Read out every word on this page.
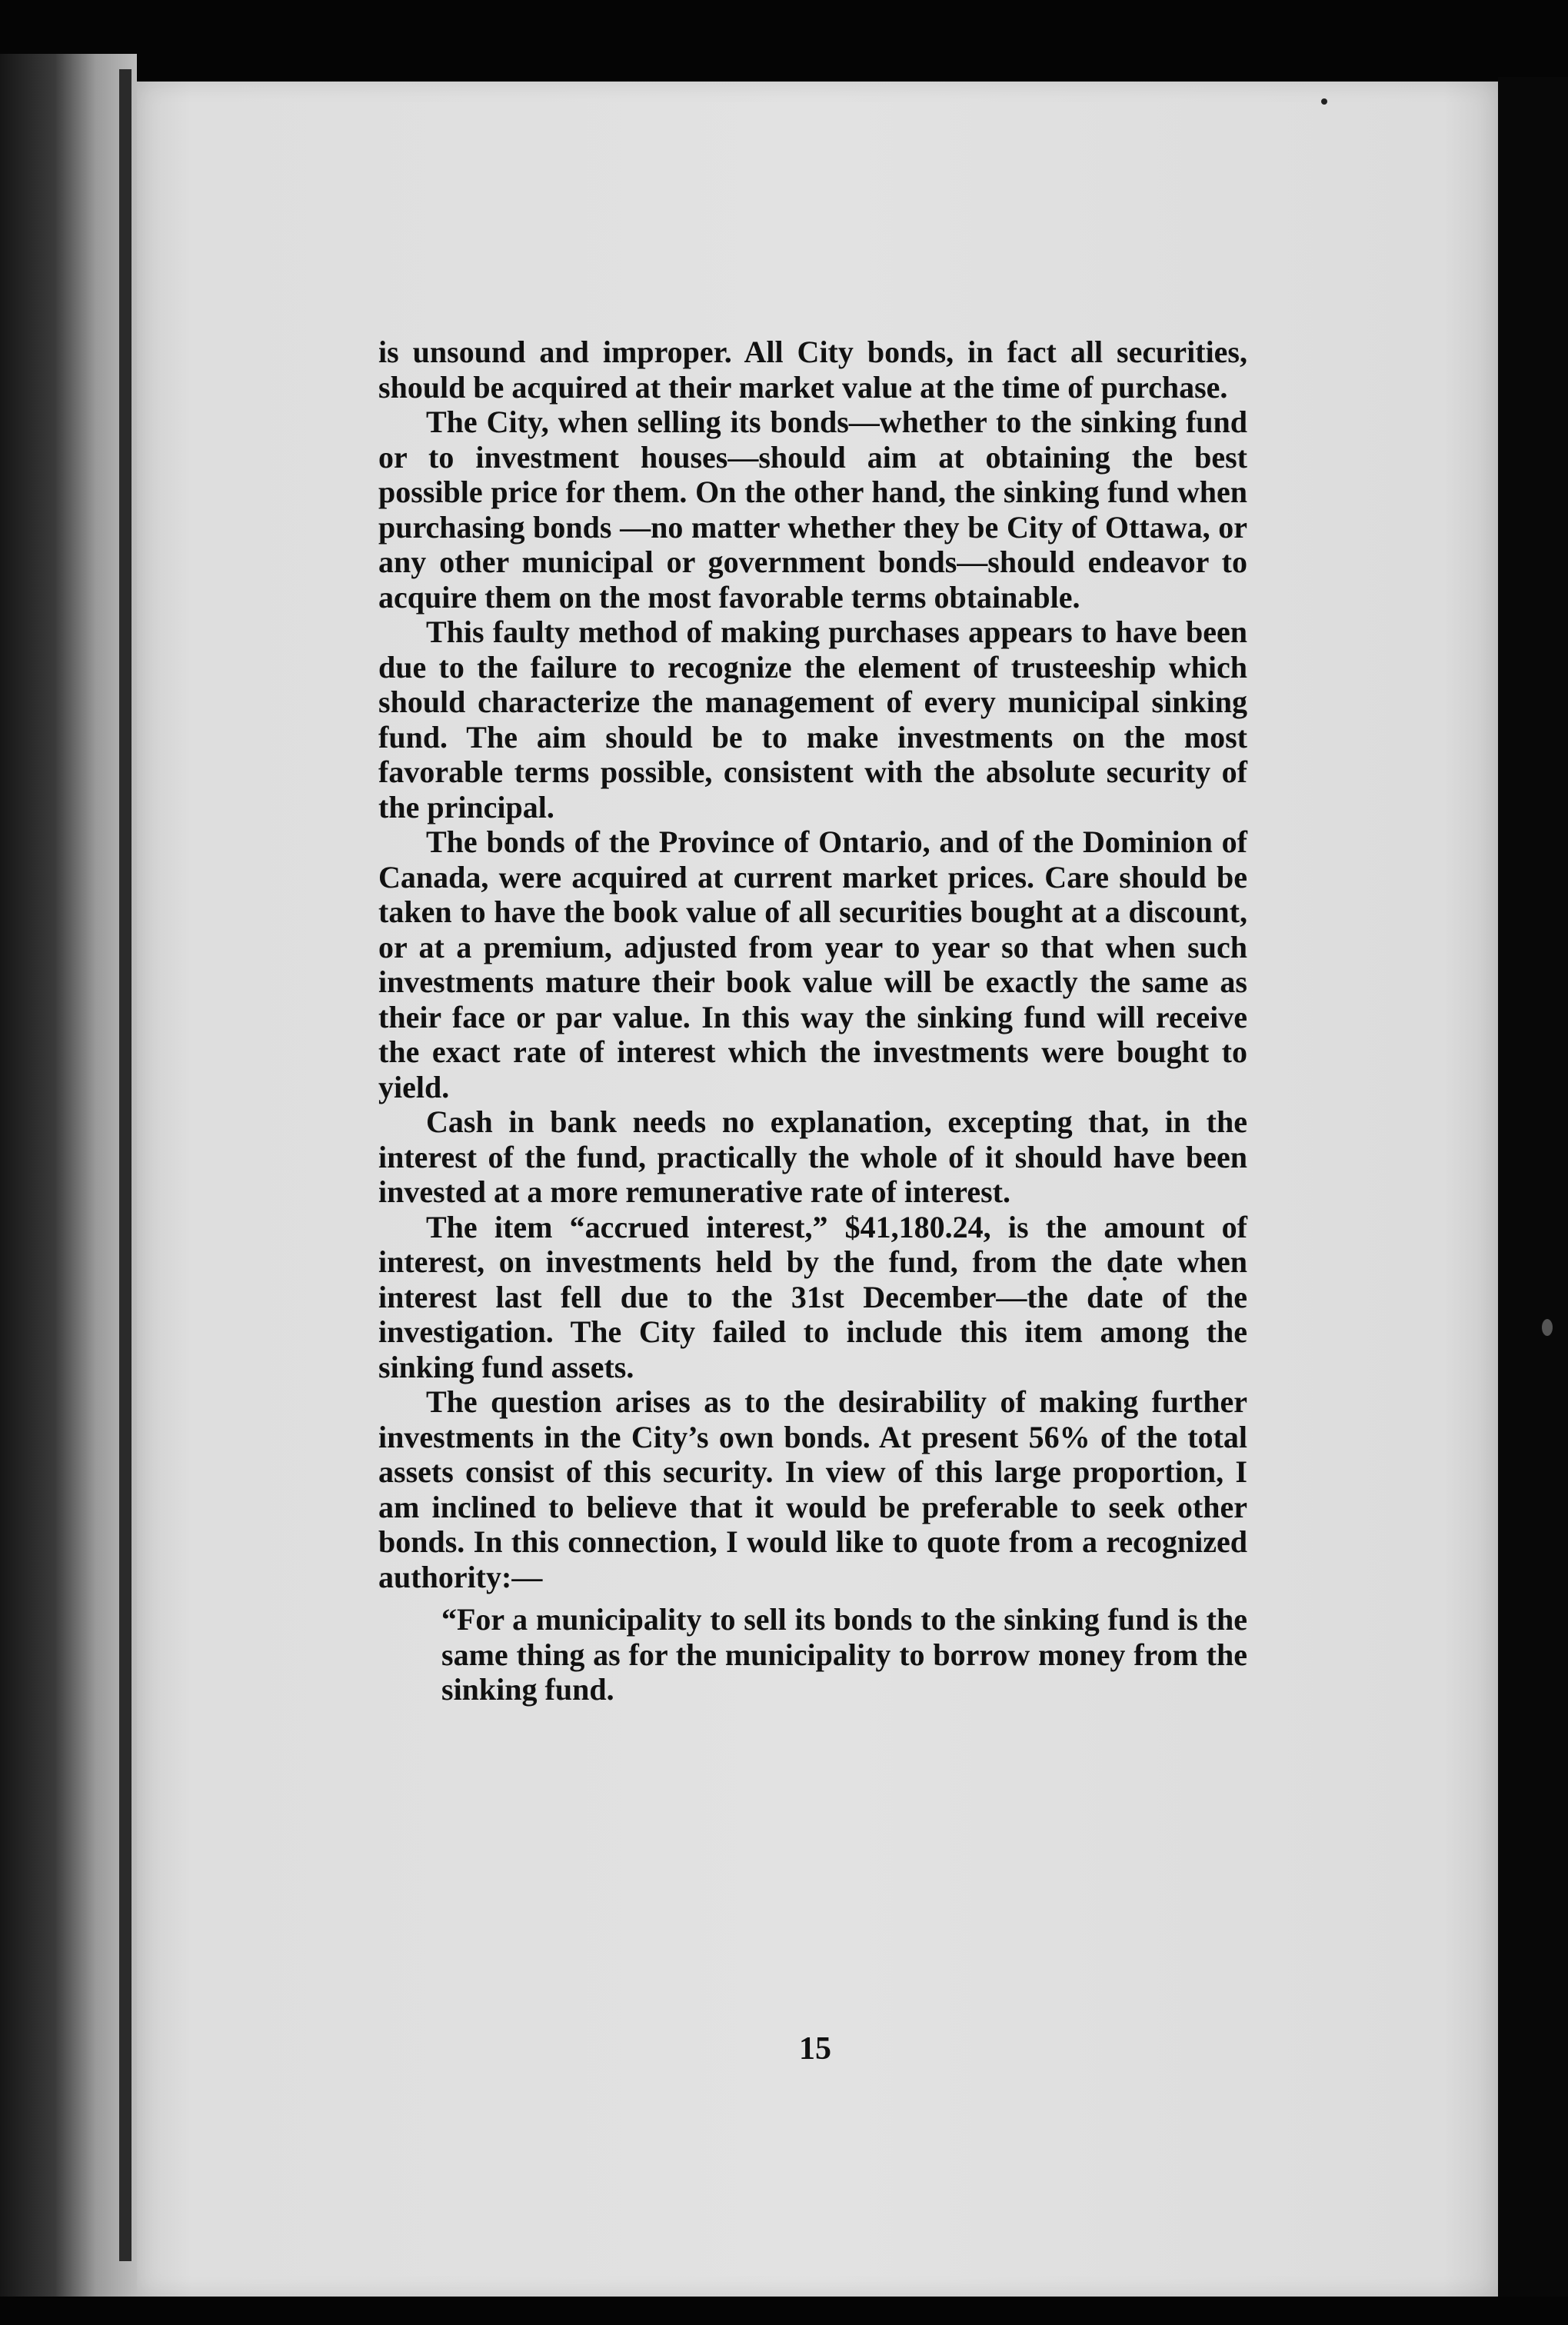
is unsound and improper. All City bonds, in fact all securities, should be acquired at their market value at the time of purchase.

The City, when selling its bonds—whether to the sinking fund or to investment houses—should aim at obtaining the best possible price for them. On the other hand, the sinking fund when purchasing bonds —no matter whether they be City of Ottawa, or any other municipal or government bonds—should endeavor to acquire them on the most favorable terms obtainable.

This faulty method of making purchases appears to have been due to the failure to recognize the element of trusteeship which should characterize the management of every municipal sinking fund. The aim should be to make investments on the most favorable terms possible, consistent with the absolute security of the principal.

The bonds of the Province of Ontario, and of the Dominion of Canada, were acquired at current market prices. Care should be taken to have the book value of all securities bought at a discount, or at a premium, adjusted from year to year so that when such investments mature their book value will be exactly the same as their face or par value. In this way the sinking fund will receive the exact rate of interest which the investments were bought to yield.

Cash in bank needs no explanation, excepting that, in the interest of the fund, practically the whole of it should have been invested at a more remunerative rate of interest.

The item “accrued interest,” $41,180.24, is the amount of interest, on investments held by the fund, from the date when interest last fell due to the 31st December—the date of the investigation. The City failed to include this item among the sinking fund assets.

The question arises as to the desirability of making further investments in the City’s own bonds. At present 56% of the total assets consist of this security. In view of this large proportion, I am inclined to believe that it would be preferable to seek other bonds. In this connection, I would like to quote from a recognized authority:—

“For a municipality to sell its bonds to the sinking fund is the same thing as for the municipality to borrow money from the sinking fund.

15
